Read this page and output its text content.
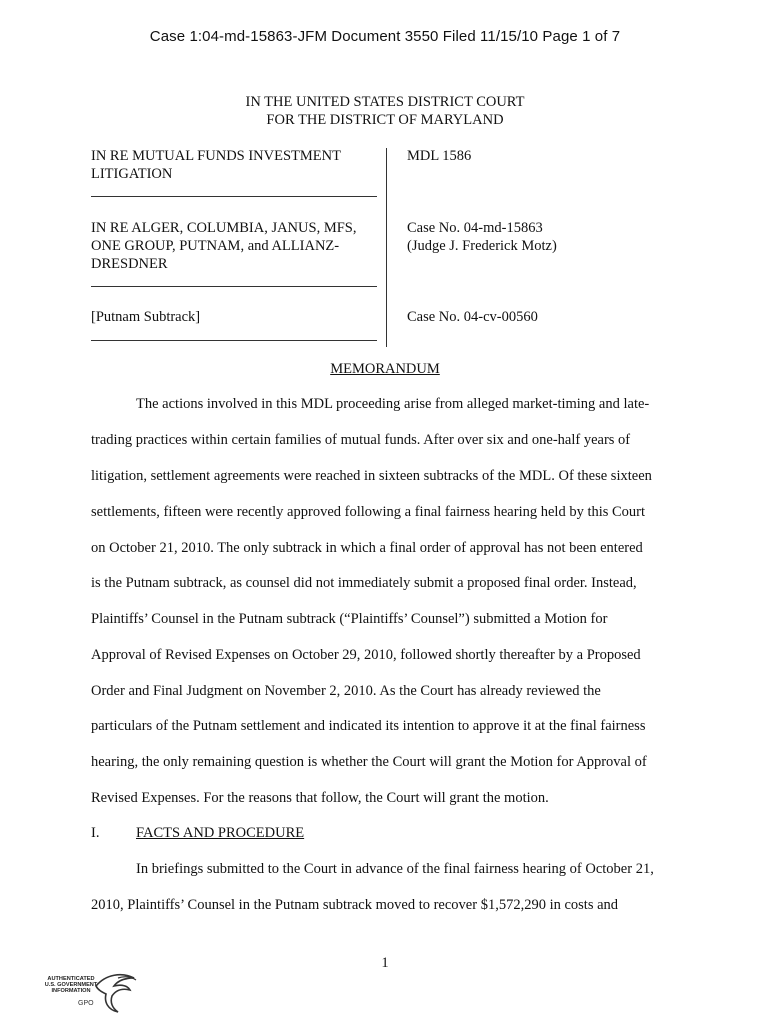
Case 1:04-md-15863-JFM Document 3550 Filed 11/15/10 Page 1 of 7
IN THE UNITED STATES DISTRICT COURT
FOR THE DISTRICT OF MARYLAND
IN RE MUTUAL FUNDS INVESTMENT
LITIGATION
MDL 1586
IN RE ALGER, COLUMBIA, JANUS, MFS,
ONE GROUP, PUTNAM, and ALLIANZ-
DRESDNER
Case No. 04-md-15863
(Judge J. Frederick Motz)
[Putnam Subtrack]	Case No. 04-cv-00560
MEMORANDUM
The actions involved in this MDL proceeding arise from alleged market-timing and late-
trading practices within certain families of mutual funds. After over six and one-half years of
litigation, settlement agreements were reached in sixteen subtracks of the MDL. Of these sixteen
settlements, fifteen were recently approved following a final fairness hearing held by this Court
on October 21, 2010. The only subtrack in which a final order of approval has not been entered
is the Putnam subtrack, as counsel did not immediately submit a proposed final order. Instead,
Plaintiffs’ Counsel in the Putnam subtrack (“Plaintiffs’ Counsel”) submitted a Motion for
Approval of Revised Expenses on October 29, 2010, followed shortly thereafter by a Proposed
Order and Final Judgment on November 2, 2010. As the Court has already reviewed the
particulars of the Putnam settlement and indicated its intention to approve it at the final fairness
hearing, the only remaining question is whether the Court will grant the Motion for Approval of
Revised Expenses. For the reasons that follow, the Court will grant the motion.
I.	FACTS AND PROCEDURE
In briefings submitted to the Court in advance of the final fairness hearing of October 21,
2010, Plaintiffs’ Counsel in the Putnam subtrack moved to recover $1,572,290 in costs and
1
AUTHENTICATED
U.S. GOVERNMENT
INFORMATION
GPO
